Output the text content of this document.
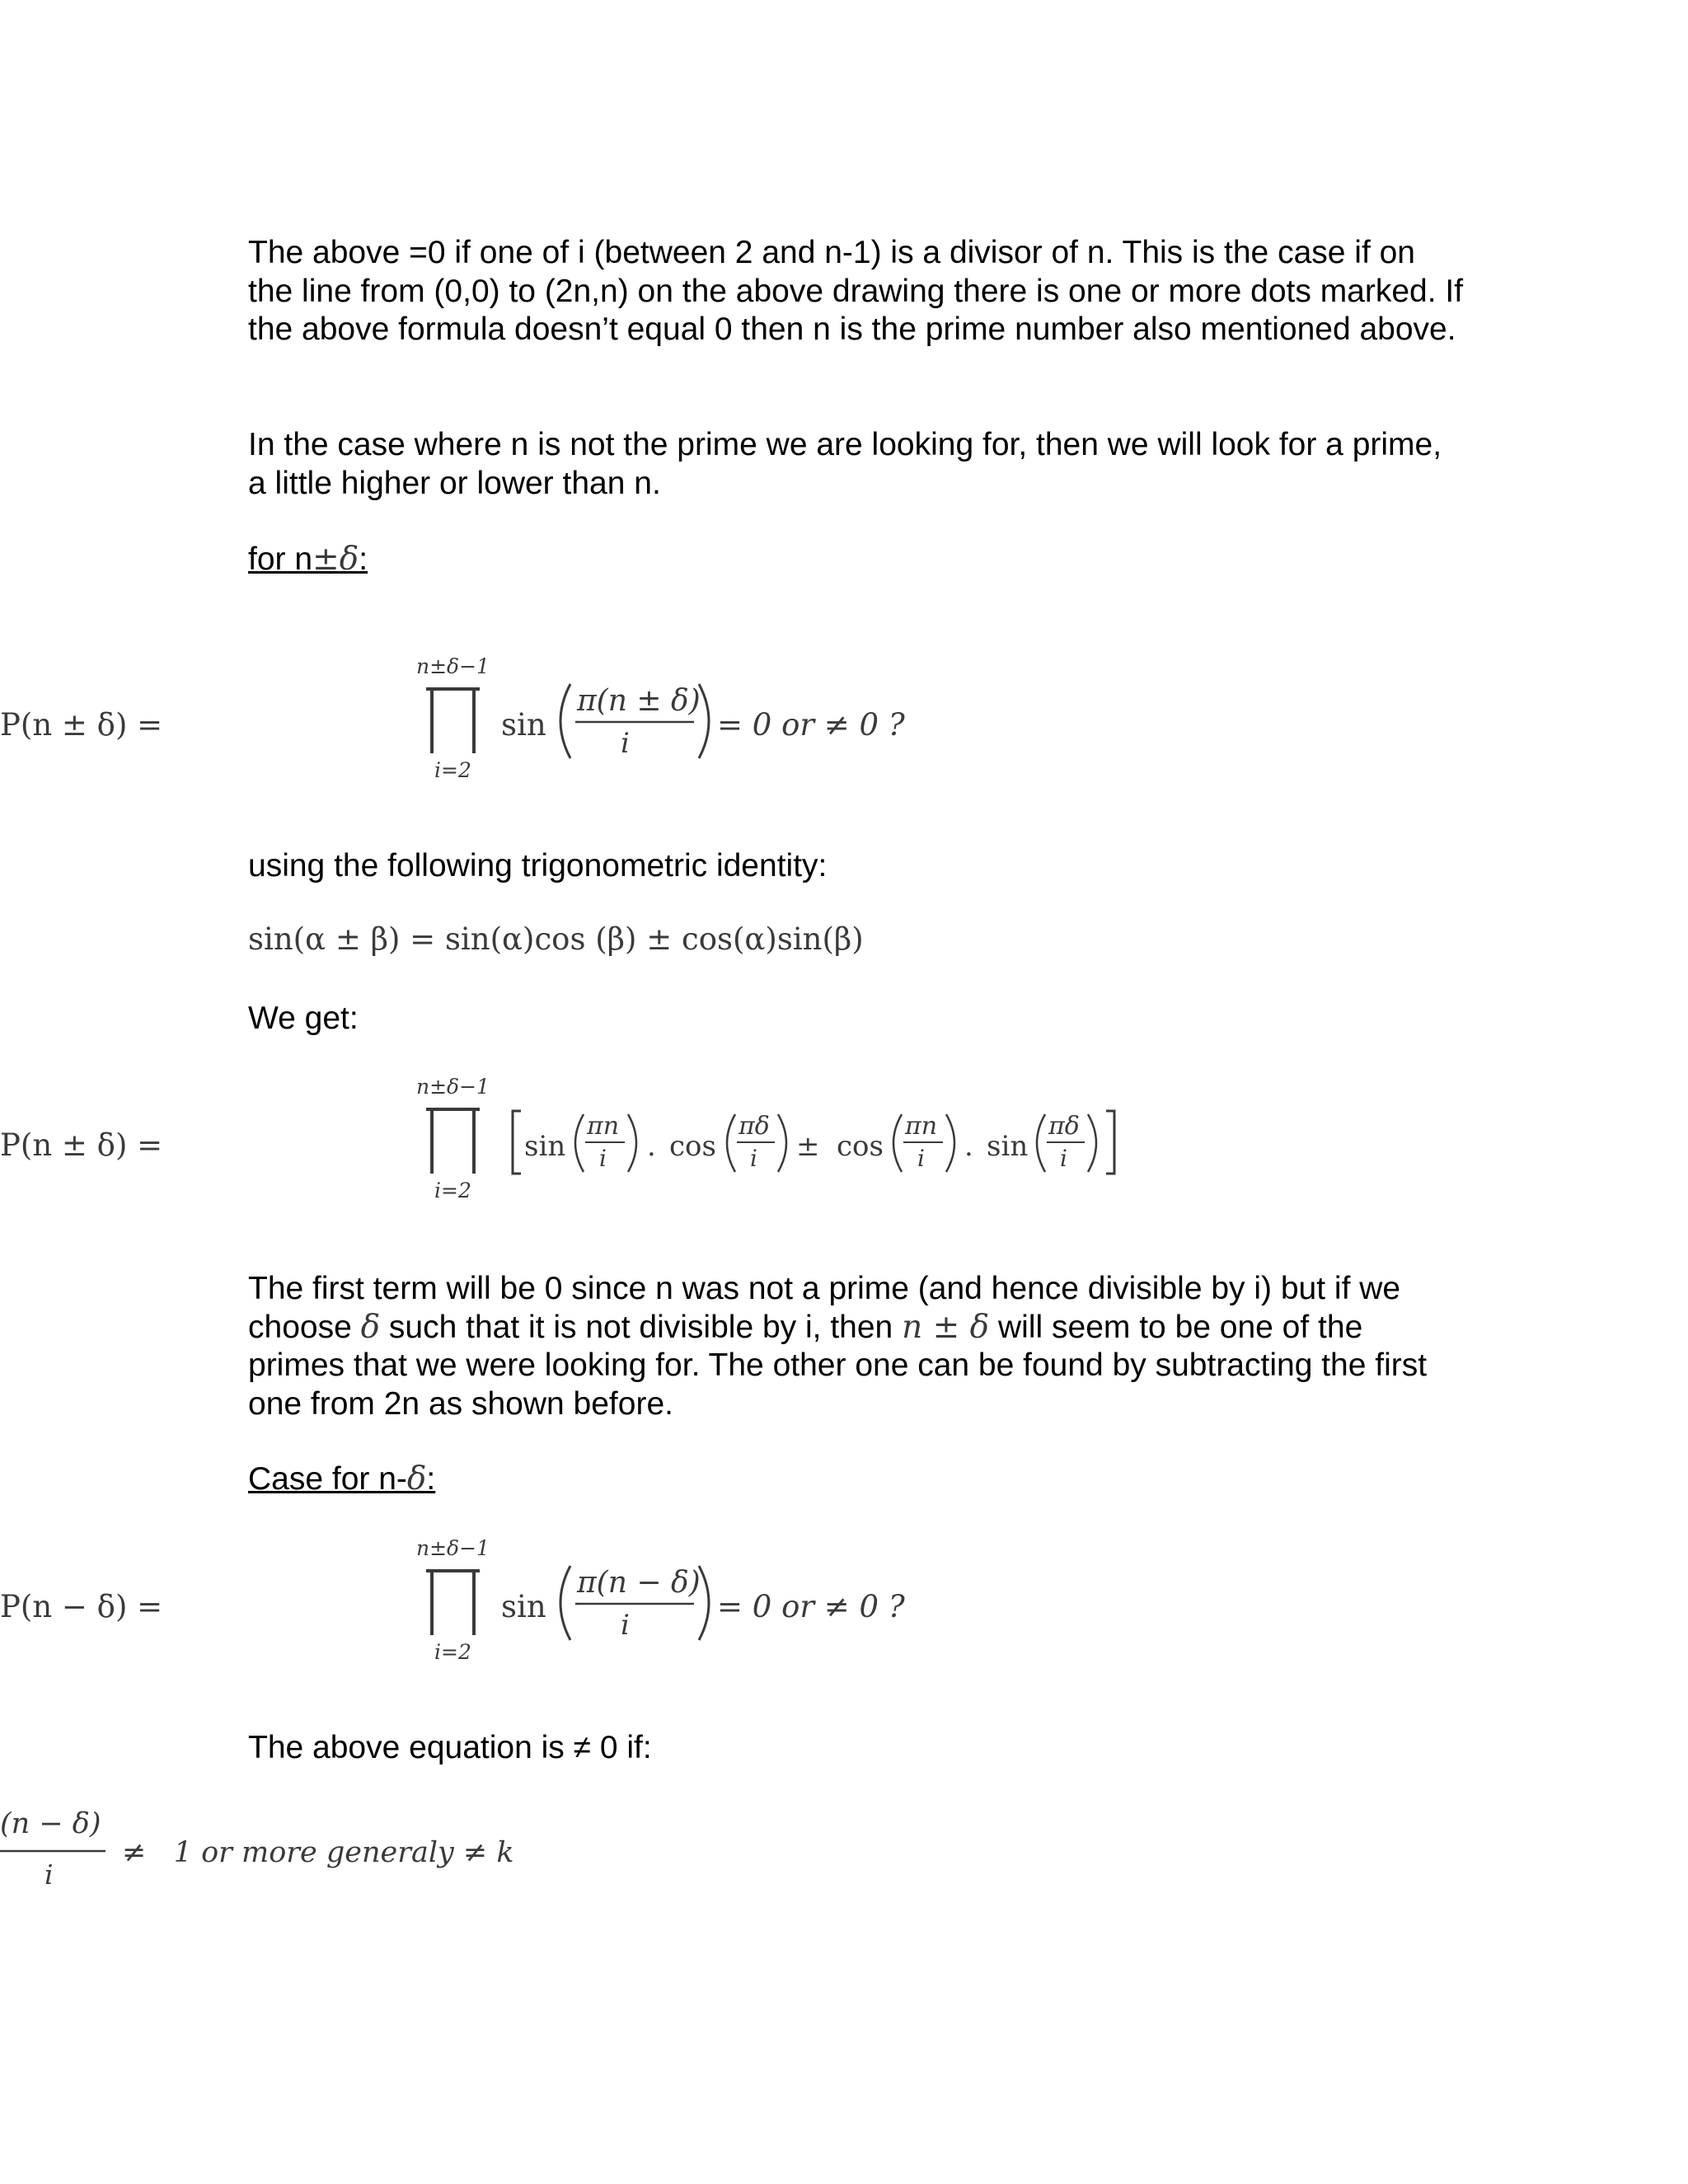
The above =0 if one of i (between 2 and n-1) is a divisor of n. This is the case if on the line from (0,0) to (2n,n) on the above drawing there is one or more dots marked. If the above formula doesn’t equal 0 then n is the prime number also mentioned above.

In the case where n is not the prime we are looking for, then we will look for a prime, a little higher or lower than n.

for n±δ:
P(n ± δ) =
n±δ−1
i=2
sin
π(n ± δ)
i
= 0 or ≠ 0 ?

using the following trigonometric identity:

sin(α ± β) = sin(α)cos (β) ± cos(α)sin(β)

We get:

P(n ± δ) =
n±δ−1
i=2
sin
πn
i . cos
πδ
i ± cos
πn
i . sin
πδ
i

The first term will be 0 since n was not a prime (and hence divisible by i) but if we choose δ such that it is not divisible by i, then n ± δ will seem to be one of the primes that we were looking for. The other one can be found by subtracting the first one from 2n as shown before.

Case for n-δ:
P(n − δ) =
n±δ−1
i=2
sin
π(n − δ)
i
= 0 or ≠ 0 ?

The above equation is ≠ 0 if:

(n − δ)
i
≠   1 or more generaly ≠ k
